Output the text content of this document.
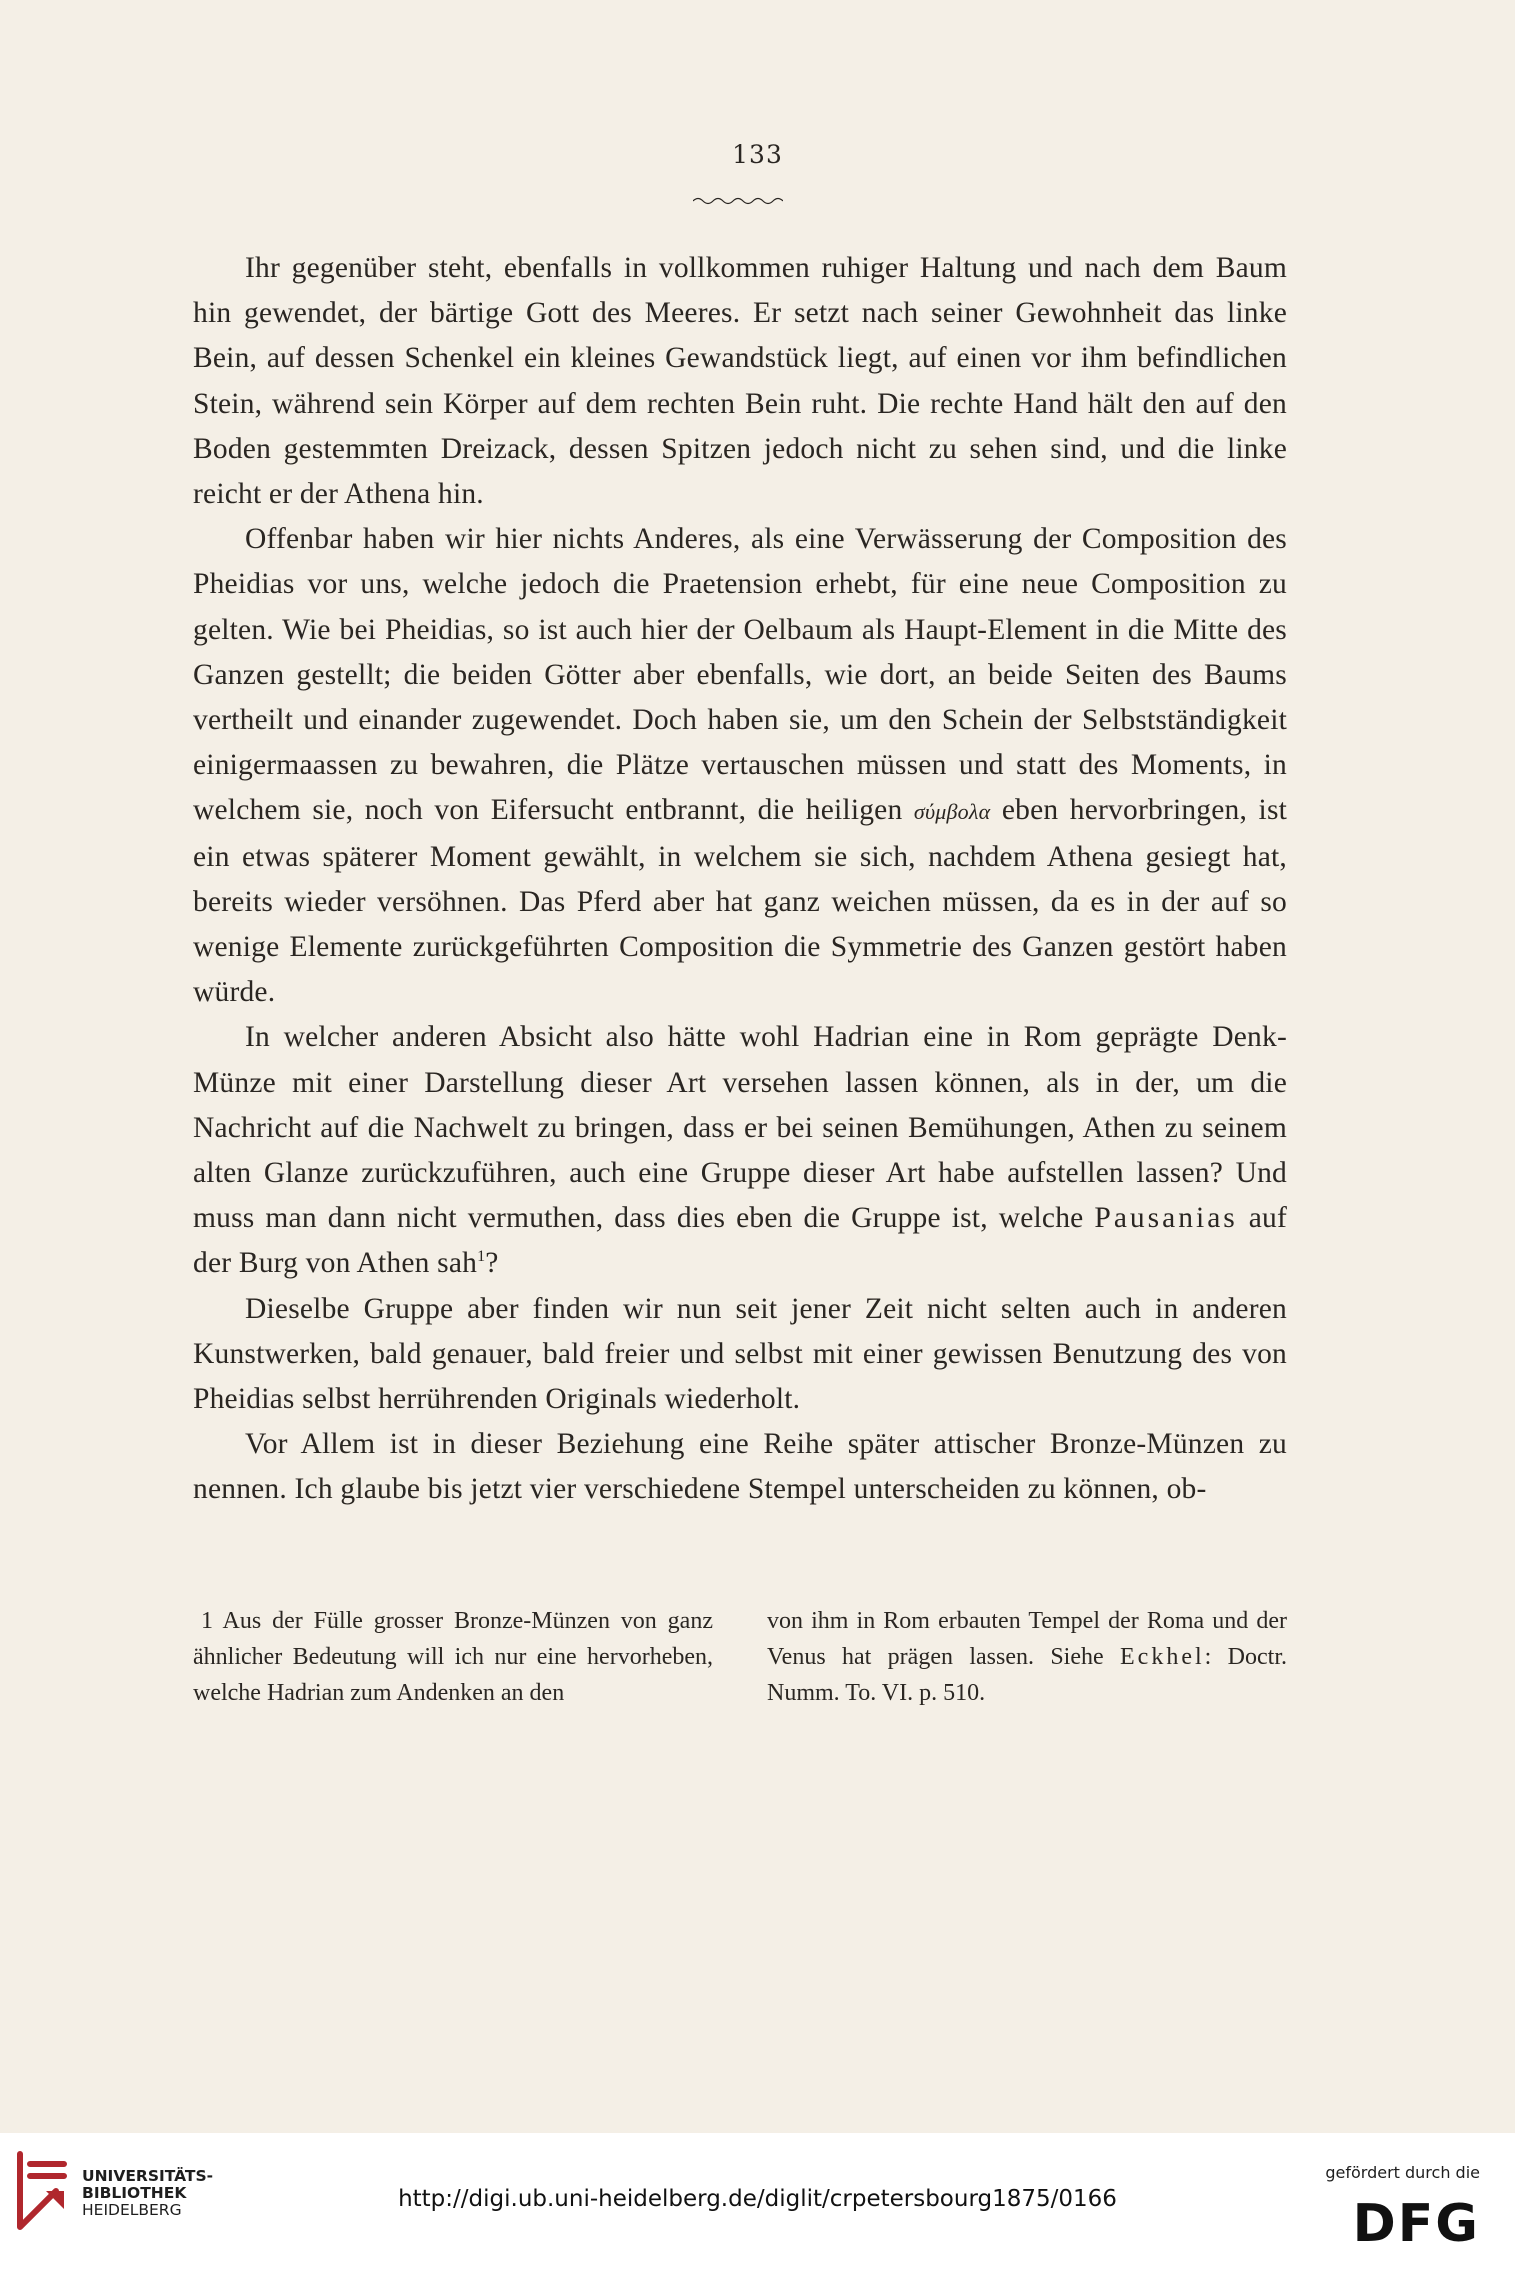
133

Ihr gegenüber steht, ebenfalls in vollkommen ruhiger Haltung und nach dem Baum hin gewendet, der bärtige Gott des Meeres. Er setzt nach seiner Gewohnheit das linke Bein, auf dessen Schenkel ein kleines Gewandstück liegt, auf einen vor ihm befindlichen Stein, während sein Körper auf dem rechten Bein ruht. Die rechte Hand hält den auf den Boden gestemmten Dreizack, dessen Spitzen jedoch nicht zu sehen sind, und die linke reicht er der Athena hin.

Offenbar haben wir hier nichts Anderes, als eine Verwässerung der Composition des Pheidias vor uns, welche jedoch die Praetension erhebt, für eine neue Composition zu gelten. Wie bei Pheidias, so ist auch hier der Oelbaum als Haupt-Element in die Mitte des Ganzen gestellt; die beiden Götter aber ebenfalls, wie dort, an beide Seiten des Baums vertheilt und einander zugewendet. Doch haben sie, um den Schein der Selbstständigkeit einigermaassen zu bewahren, die Plätze vertauschen müssen und statt des Moments, in welchem sie, noch von Eifersucht entbrannt, die heiligen σύμβολα eben hervorbringen, ist ein etwas späterer Moment gewählt, in welchem sie sich, nachdem Athena gesiegt hat, bereits wieder versöhnen. Das Pferd aber hat ganz weichen müssen, da es in der auf so wenige Elemente zurückgeführten Composition die Symmetrie des Ganzen gestört haben würde.

In welcher anderen Absicht also hätte wohl Hadrian eine in Rom geprägte Denk-Münze mit einer Darstellung dieser Art versehen lassen können, als in der, um die Nachricht auf die Nachwelt zu bringen, dass er bei seinen Bemühungen, Athen zu seinem alten Glanze zurückzuführen, auch eine Gruppe dieser Art habe aufstellen lassen? Und muss man dann nicht vermuthen, dass dies eben die Gruppe ist, welche Pausanias auf der Burg von Athen sah$^1$?

Dieselbe Gruppe aber finden wir nun seit jener Zeit nicht selten auch in anderen Kunstwerken, bald genauer, bald freier und selbst mit einer gewissen Benutzung des von Pheidias selbst herrührenden Originals wiederholt.

Vor Allem ist in dieser Beziehung eine Reihe später attischer Bronze-Münzen zu nennen. Ich glaube bis jetzt vier verschiedene Stempel unterscheiden zu können, ob-

1 Aus der Fülle grosser Bronze-Münzen von ganz ähnlicher Bedeutung will ich nur eine hervorheben, welche Hadrian zum Andenken an den

von ihm in Rom erbauten Tempel der Roma und der Venus hat prägen lassen. Siehe Eckhel: Doctr. Numm. To. VI. p. 510.

UNIVERSITÄTS-
BIBLIOTHEK
HEIDELBERG	http://digi.ub.uni-heidelberg.de/diglit/crpetersbourg1875/0166
gefördert durch die
DFG
